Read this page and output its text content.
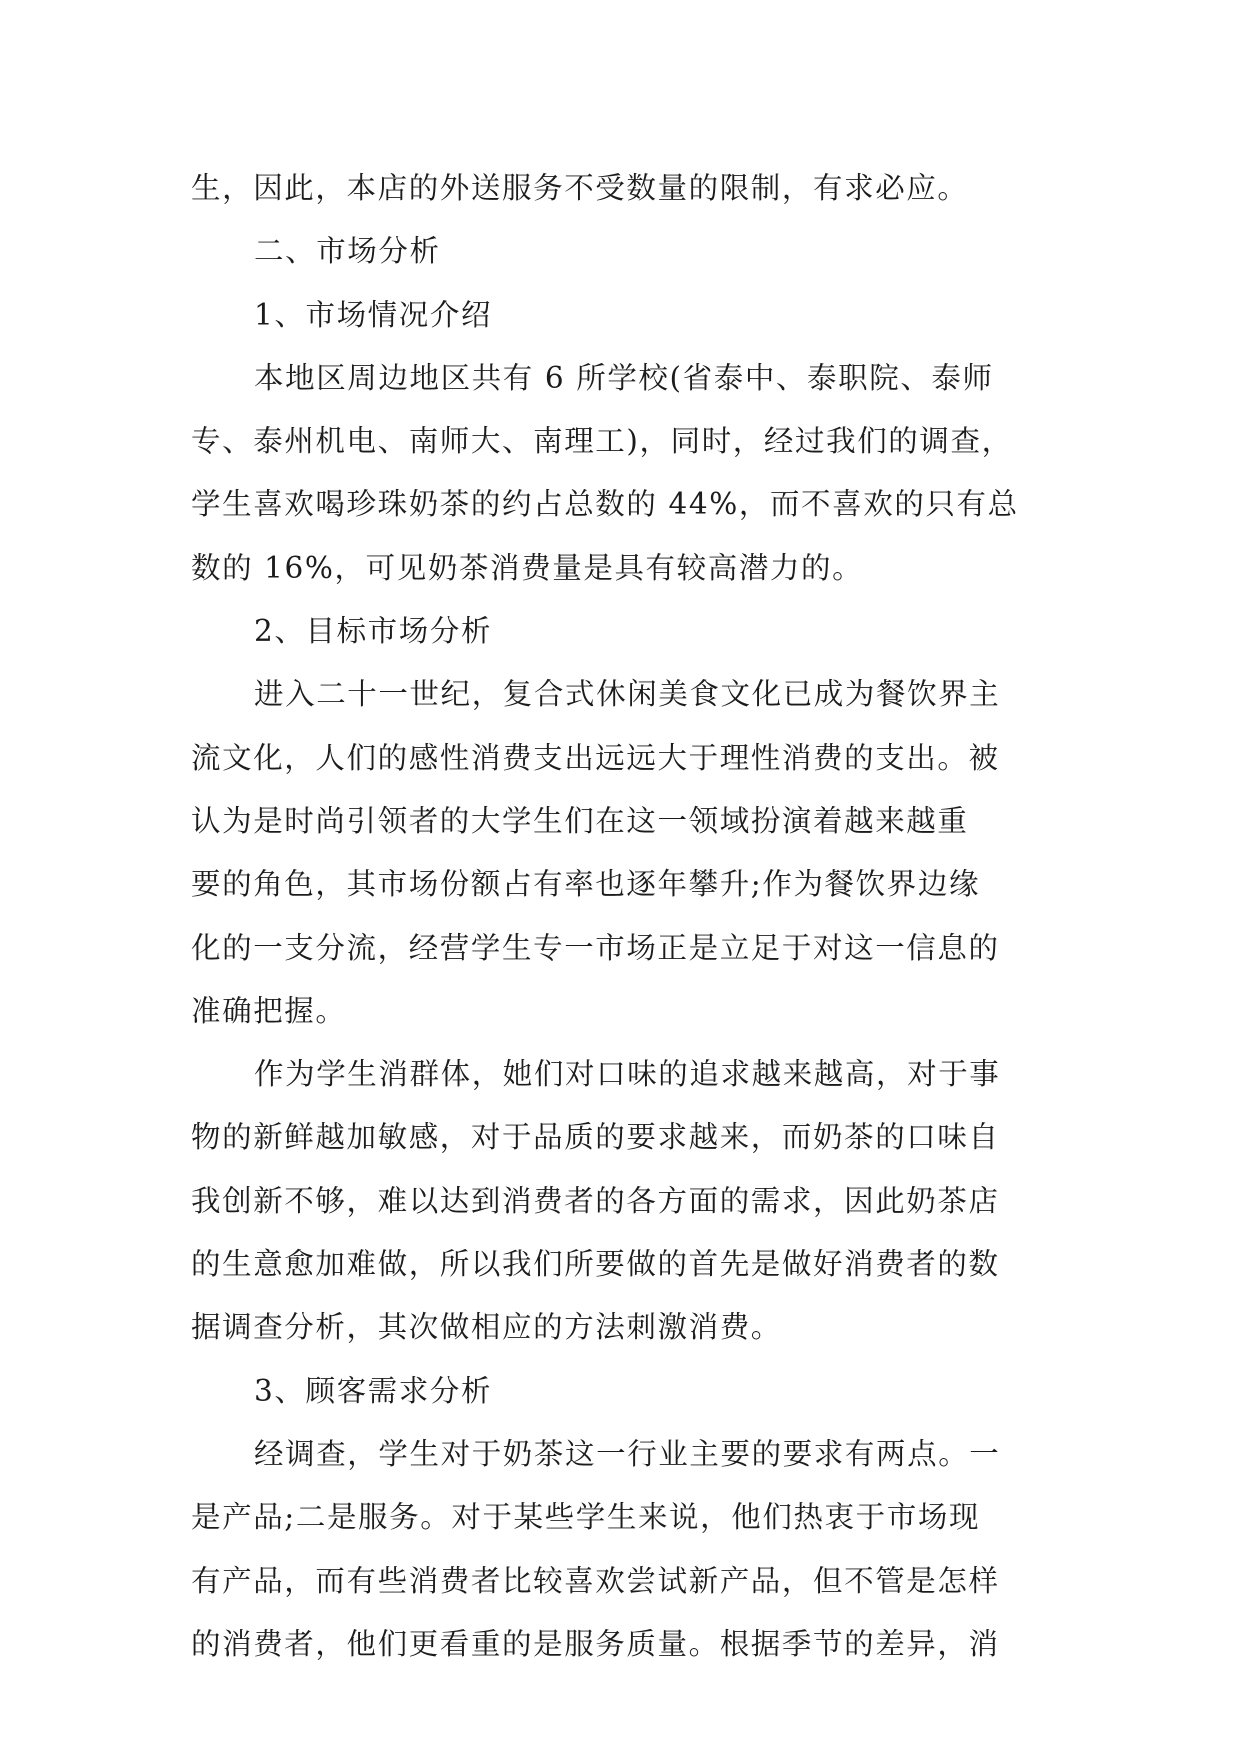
生，因此，本店的外送服务不受数量的限制，有求必应。
二、市场分析
1、市场情况介绍
本地区周边地区共有 6 所学校(省泰中、泰职院、泰师
专、泰州机电、南师大、南理工)，同时，经过我们的调查，
学生喜欢喝珍珠奶茶的约占总数的 44%，而不喜欢的只有总
数的 16%，可见奶茶消费量是具有较高潜力的。
2、目标市场分析
进入二十一世纪，复合式休闲美食文化已成为餐饮界主
流文化，人们的感性消费支出远远大于理性消费的支出。被
认为是时尚引领者的大学生们在这一领域扮演着越来越重
要的角色，其市场份额占有率也逐年攀升;作为餐饮界边缘
化的一支分流，经营学生专一市场正是立足于对这一信息的
准确把握。
作为学生消群体，她们对口味的追求越来越高，对于事
物的新鲜越加敏感，对于品质的要求越来，而奶茶的口味自
我创新不够，难以达到消费者的各方面的需求，因此奶茶店
的生意愈加难做，所以我们所要做的首先是做好消费者的数
据调查分析，其次做相应的方法刺激消费。
3、顾客需求分析
经调查，学生对于奶茶这一行业主要的要求有两点。一
是产品;二是服务。对于某些学生来说，他们热衷于市场现
有产品，而有些消费者比较喜欢尝试新产品，但不管是怎样
的消费者，他们更看重的是服务质量。根据季节的差异，消
